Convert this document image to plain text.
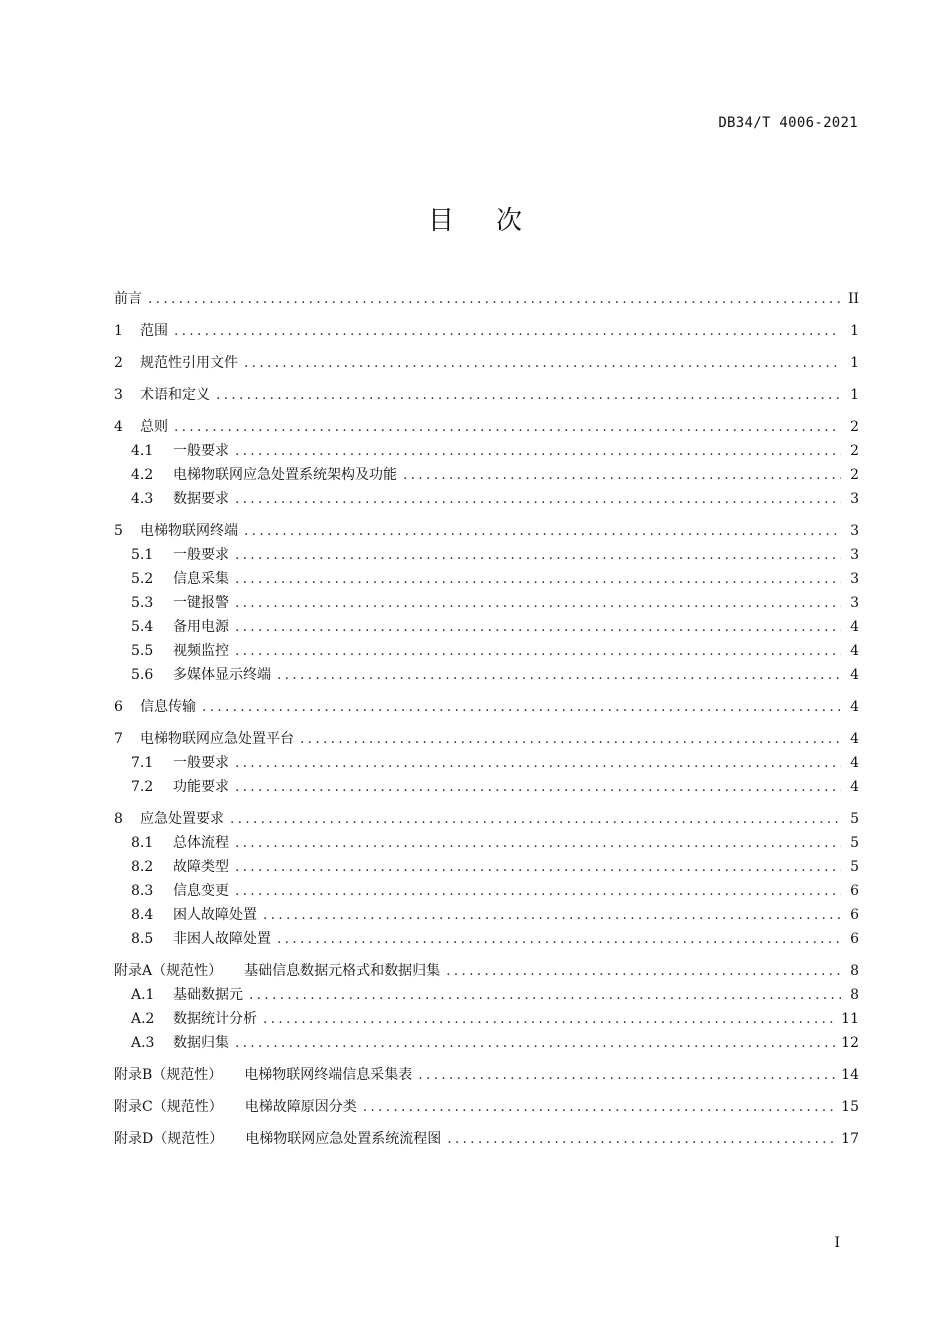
DB34/T 4006-2021
目次
前言 .....	II
1	范围 .....	1
2	规范性引用文件 .....	1
3	术语和定义 .....	1
4	总则 .....	2
4.1	一般要求 .....	2
4.2	电梯物联网应急处置系统架构及功能 .....	2
4.3	数据要求 .....	3
5	电梯物联网终端 .....	3
5.1	一般要求 .....	3
5.2	信息采集 .....	3
5.3	一键报警 .....	3
5.4	备用电源 .....	4
5.5	视频监控 .....	4
5.6	多媒体显示终端 .....	4
6	信息传输 .....	4
7	电梯物联网应急处置平台 .....	4
7.1	一般要求 .....	4
7.2	功能要求 .....	4
8	应急处置要求 .....	5
8.1	总体流程 .....	5
8.2	故障类型 .....	5
8.3	信息变更 .....	6
8.4	困人故障处置 .....	6
8.5	非困人故障处置 .....	6
附录A（规范性）	基础信息数据元格式和数据归集 .....	8
A.1	基础数据元 .....	8
A.2	数据统计分析 .....	11
A.3	数据归集 .....	12
附录B（规范性）	电梯物联网终端信息采集表 .....	14
附录C（规范性）	电梯故障原因分类 .....	15
附录D（规范性）	电梯物联网应急处置系统流程图 .....	17
I
